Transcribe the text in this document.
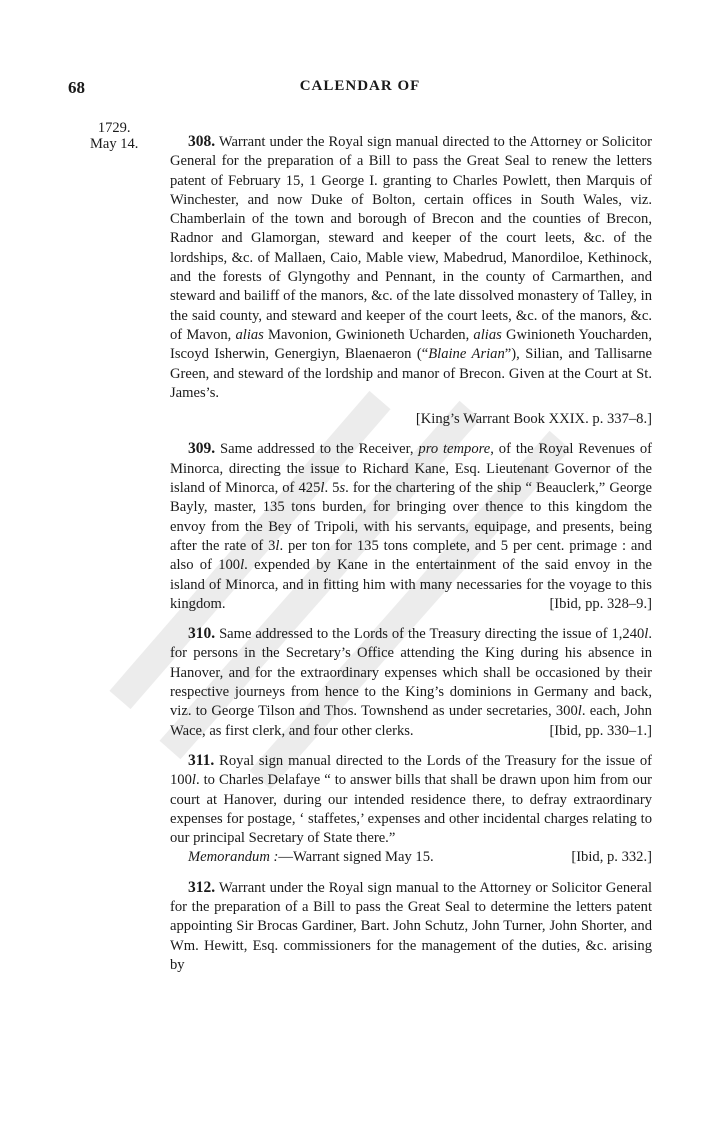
68	CALENDAR OF
1729.
May 14.	308. Warrant under the Royal sign manual directed to the Attorney or Solicitor General for the preparation of a Bill to pass the Great Seal to renew the letters patent of February 15, 1 George I. granting to Charles Powlett, then Marquis of Winchester, and now Duke of Bolton, certain offices in South Wales, viz. Chamberlain of the town and borough of Brecon and the counties of Brecon, Radnor and Glamorgan, steward and keeper of the court leets, &c. of the lordships, &c. of Mallaen, Caio, Mable view, Mabedrud, Manordiloe, Kethinock, and the forests of Glyngothy and Pennant, in the county of Carmarthen, and steward and bailiff of the manors, &c. of the late dissolved monastery of Talley, in the said county, and steward and keeper of the court leets, &c. of the manors, &c. of Mavon, alias Mavonion, Gwinioneth Ucharden, alias Gwinioneth Youcharden, Iscoyd Isherwin, Genergiyn, Blaenaeron (“Blaine Arian”), Silian, and Tallisarne Green, and steward of the lordship and manor of Brecon. Given at the Court at St. James’s.

[King’s Warrant Book XXIX. p. 337–8.]

309. Same addressed to the Receiver, pro tempore, of the Royal Revenues of Minorca, directing the issue to Richard Kane, Esq. Lieutenant Governor of the island of Minorca, of 425l. 5s. for the chartering of the ship “ Beauclerk,” George Bayly, master, 135 tons burden, for bringing over thence to this kingdom the envoy from the Bey of Tripoli, with his servants, equipage, and presents, being after the rate of 3l. per ton for 135 tons complete, and 5 per cent. primage : and also of 100l. expended by Kane in the entertainment of the said envoy in the island of Minorca, and in fitting him with many necessaries for the voyage to this kingdom.	[Ibid, pp. 328–9.]

310. Same addressed to the Lords of the Treasury directing the issue of 1,240l. for persons in the Secretary’s Office attending the King during his absence in Hanover, and for the extraordinary expenses which shall be occasioned by their respective journeys from hence to the King’s dominions in Germany and back, viz. to George Tilson and Thos. Townshend as under secretaries, 300l. each, John Wace, as first clerk, and four other clerks.	[Ibid, pp. 330–1.]

311. Royal sign manual directed to the Lords of the Treasury for the issue of 100l. to Charles Delafaye “ to answer bills that shall be drawn upon him from our court at Hanover, during our intended residence there, to defray extraordinary expenses for postage, ‘ staffetes,’ expenses and other incidental charges relating to our principal Secretary of State there.”

Memorandum :—Warrant signed May 15.	[Ibid, p. 332.]

312. Warrant under the Royal sign manual to the Attorney or Solicitor General for the preparation of a Bill to pass the Great Seal to determine the letters patent appointing Sir Brocas Gardiner, Bart. John Schutz, John Turner, John Shorter, and Wm. Hewitt, Esq. commissioners for the management of the duties, &c. arising by
